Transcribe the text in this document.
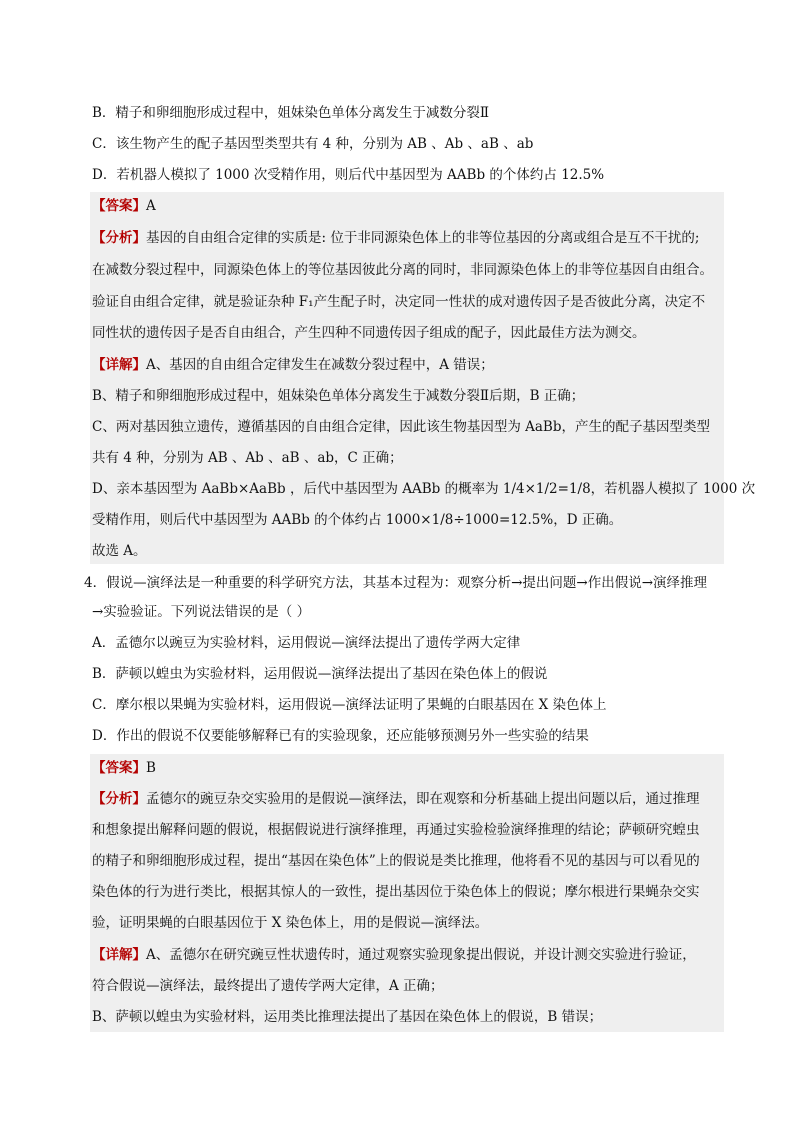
B．精子和卵细胞形成过程中，姐妹染色单体分离发生于减数分裂Ⅱ
C．该生物产生的配子基因型类型共有 4 种，分别为 AB 、Ab 、aB 、ab
D．若机器人模拟了 1000 次受精作用，则后代中基因型为 AABb 的个体约占 12.5%
【答案】A
【分析】基因的自由组合定律的实质是: 位于非同源染色体上的非等位基因的分离或组合是互不干扰的;
在减数分裂过程中，同源染色体上的等位基因彼此分离的同时，非同源染色体上的非等位基因自由组合。
验证自由组合定律，就是验证杂种 F₁产生配子时，决定同一性状的成对遗传因子是否彼此分离，决定不
同性状的遗传因子是否自由组合，产生四种不同遗传因子组成的配子，因此最佳方法为测交。
【详解】A、基因的自由组合定律发生在减数分裂过程中，A 错误；
B、精子和卵细胞形成过程中，姐妹染色单体分离发生于减数分裂Ⅱ后期，B 正确；
C、两对基因独立遗传，遵循基因的自由组合定律，因此该生物基因型为 AaBb，产生的配子基因型类型
共有 4 种，分别为 AB 、Ab 、aB 、ab，C 正确；
D、亲本基因型为 AaBb×AaBb ，后代中基因型为 AABb 的概率为 1/4×1/2=1/8，若机器人模拟了 1000 次
受精作用，则后代中基因型为 AABb 的个体约占 1000×1/8÷1000=12.5%，D 正确。
故选 A。
4．假说—演绎法是一种重要的科学研究方法，其基本过程为：观察分析→提出问题→作出假说→演绎推理
→实验验证。下列说法错误的是（ ）
A．孟德尔以豌豆为实验材料，运用假说—演绎法提出了遗传学两大定律
B．萨顿以蝗虫为实验材料，运用假说—演绎法提出了基因在染色体上的假说
C．摩尔根以果蝇为实验材料，运用假说—演绎法证明了果蝇的白眼基因在 X 染色体上
D．作出的假说不仅要能够解释已有的实验现象，还应能够预测另外一些实验的结果
【答案】B
【分析】孟德尔的豌豆杂交实验用的是假说—演绎法，即在观察和分析基础上提出问题以后，通过推理
和想象提出解释问题的假说，根据假说进行演绎推理，再通过实验检验演绎推理的结论；萨顿研究蝗虫
的精子和卵细胞形成过程，提出“基因在染色体”上的假说是类比推理，他将看不见的基因与可以看见的
染色体的行为进行类比，根据其惊人的一致性，提出基因位于染色体上的假说；摩尔根进行果蝇杂交实
验，证明果蝇的白眼基因位于 X 染色体上，用的是假说—演绎法。
【详解】A、孟德尔在研究豌豆性状遗传时，通过观察实验现象提出假说，并设计测交实验进行验证，
符合假说—演绎法，最终提出了遗传学两大定律，A 正确；
B、萨顿以蝗虫为实验材料，运用类比推理法提出了基因在染色体上的假说，B 错误；
